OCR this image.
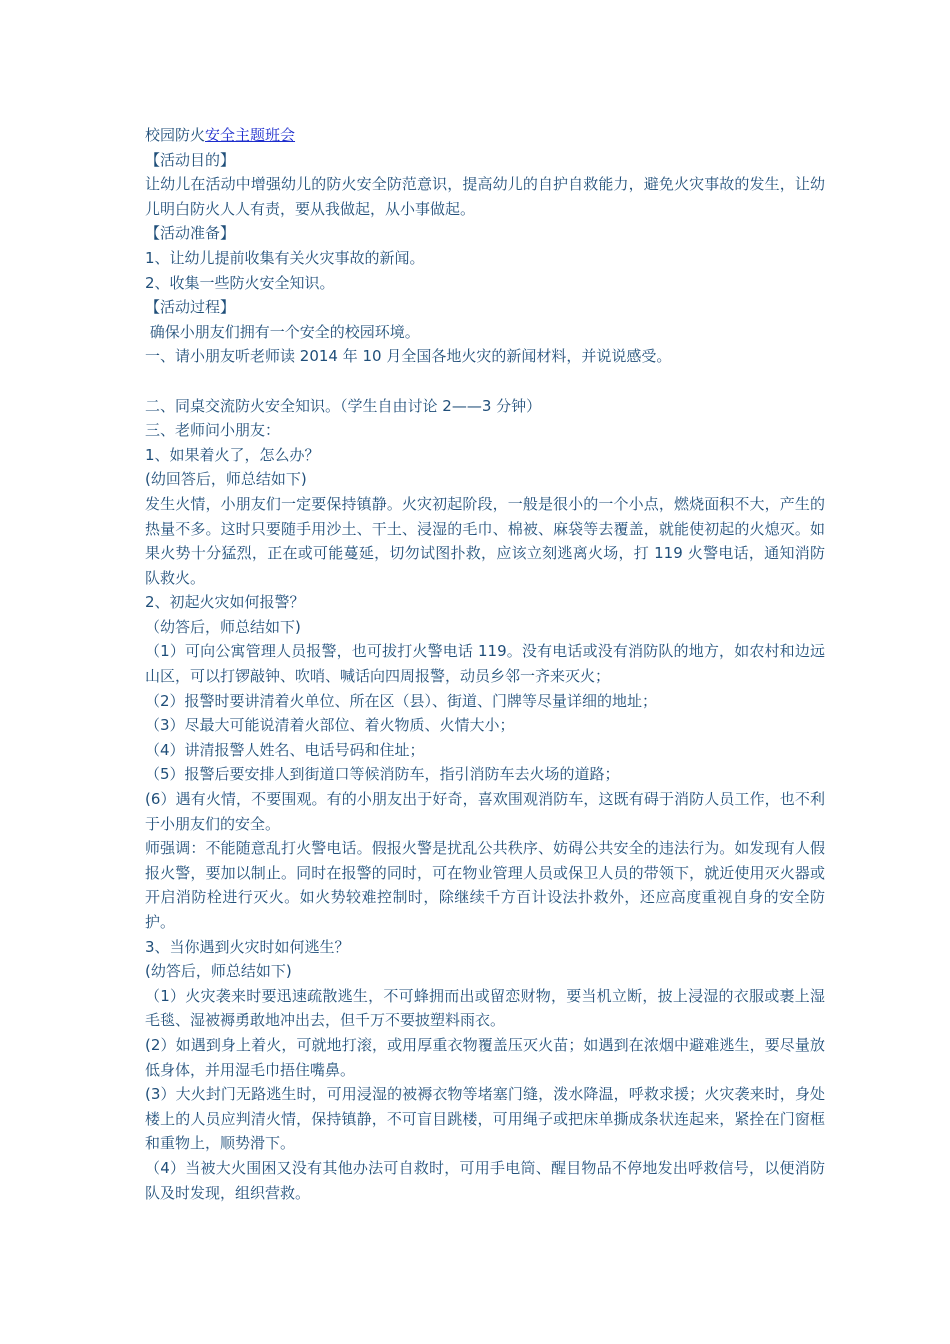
校园防火安全主题班会
【活动目的】
让幼儿在活动中增强幼儿的防火安全防范意识，提高幼儿的自护自救能力，避免火灾事故的发生，让幼儿明白防火人人有责，要从我做起，从小事做起。
【活动准备】
1、让幼儿提前收集有关火灾事故的新闻。
2、收集一些防火安全知识。
【活动过程】
确保小朋友们拥有一个安全的校园环境。
一、请小朋友听老师读 2014 年 10 月全国各地火灾的新闻材料，并说说感受。
二、同桌交流防火安全知识。（学生自由讨论 2——3 分钟）
三、老师问小朋友：
1、如果着火了，怎么办？
(幼回答后，师总结如下)
发生火情，小朋友们一定要保持镇静。火灾初起阶段，一般是很小的一个小点，燃烧面积不大，产生的热量不多。这时只要随手用沙土、干土、浸湿的毛巾、棉被、麻袋等去覆盖，就能使初起的火熄灭。如果火势十分猛烈，正在或可能蔓延，切勿试图扑救，应该立刻逃离火场，打 119 火警电话，通知消防队救火。
2、初起火灾如何报警？
（幼答后，师总结如下)
（1）可向公寓管理人员报警，也可拔打火警电话 119。没有电话或没有消防队的地方，如农村和边远山区，可以打锣敲钟、吹哨、喊话向四周报警，动员乡邻一齐来灭火；
（2）报警时要讲清着火单位、所在区（县）、街道、门牌等尽量详细的地址；
（3）尽最大可能说清着火部位、着火物质、火情大小；
（4）讲清报警人姓名、电话号码和住址；
（5）报警后要安排人到街道口等候消防车，指引消防车去火场的道路；
(6）遇有火情，不要围观。有的小朋友出于好奇，喜欢围观消防车，这既有碍于消防人员工作，也不利于小朋友们的安全。
师强调：不能随意乱打火警电话。假报火警是扰乱公共秩序、妨碍公共安全的违法行为。如发现有人假报火警，要加以制止。同时在报警的同时，可在物业管理人员或保卫人员的带领下，就近使用灭火器或开启消防栓进行灭火。如火势较难控制时，除继续千方百计设法扑救外，还应高度重视自身的安全防护。
3、当你遇到火灾时如何逃生？
(幼答后，师总结如下)
（1）火灾袭来时要迅速疏散逃生，不可蜂拥而出或留恋财物，要当机立断，披上浸湿的衣服或裹上湿毛毯、湿被褥勇敢地冲出去，但千万不要披塑料雨衣。
(2）如遇到身上着火，可就地打滚，或用厚重衣物覆盖压灭火苗；如遇到在浓烟中避难逃生，要尽量放低身体，并用湿毛巾捂住嘴鼻。
(3）大火封门无路逃生时，可用浸湿的被褥衣物等堵塞门缝，泼水降温，呼救求援；火灾袭来时，身处楼上的人员应判清火情，保持镇静，不可盲目跳楼，可用绳子或把床单撕成条状连起来，紧拴在门窗框和重物上，顺势滑下。
（4）当被大火围困又没有其他办法可自救时，可用手电筒、醒目物品不停地发出呼救信号，以便消防队及时发现，组织营救。
